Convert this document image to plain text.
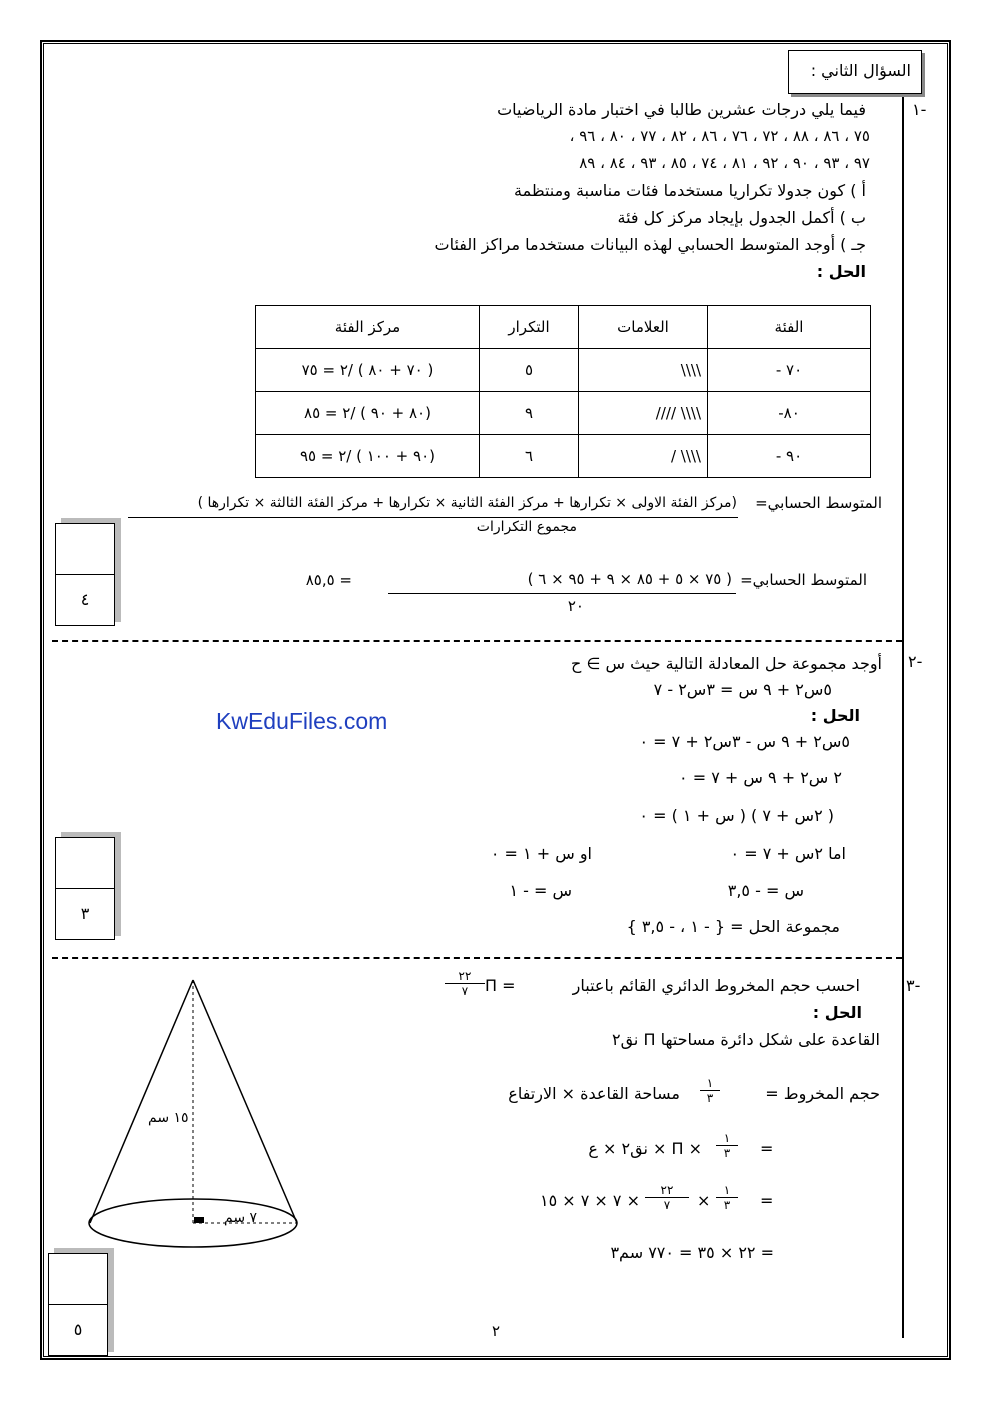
السؤال الثاني :
١-
فيما يلي درجات عشرين طالبا في اختبار مادة الرياضيات
٧٥ ، ٨٦ ، ٨٨ ، ٧٢ ، ٧٦ ، ٨٦ ، ٨٢ ، ٧٧ ، ٨٠ ، ٩٦ ،
٩٧ ، ٩٣ ، ٩٠ ، ٩٢ ، ٨١ ، ٧٤ ، ٨٥ ، ٩٣ ، ٨٤ ، ٨٩
أ ) كون جدولا تكراريا مستخدما فئات مناسبة ومنتظمة
ب ) أكمل الجدول بإيجاد مركز كل فئة
جـ ) أوجد المتوسط الحسابي لهذه البيانات مستخدما مراكز الفئات
الحل :
الفئة	العلامات	التكرار	مركز الفئة
٧٠ -	\\\\	٥	( ٧٠ + ٨٠ ) /٢ = ٧٥
٨٠-	\\\\ ////	٩	(٨٠ + ٩٠ ) /٢ = ٨٥
٩٠ -	\\\\ /	٦	(٩٠ + ١٠٠ ) /٢ = ٩٥
المتوسط الحسابي=
(مركز الفئة الاولى × تكرارها + مركز الفئة الثانية × تكرارها + مركز الفئة الثالثة × تكرارها )
مجموع التكرارات
المتوسط الحسابي=
( ٧٥ × ٥ + ٨٥ × ٩ + ٩٥ × ٦ )
٢٠
= ٨٥,٥
٤
٢-
أوجد مجموعة حل المعادلة التالية حيث س ∋ ح
٥س٢ + ٩ س = ٣س٢ - ٧
KwEduFiles.com	الحل :
٥س٢ + ٩ س - ٣س٢ + ٧ = ٠
٢ س٢ + ٩ س + ٧ = ٠
( ٢س + ٧ ) ( س + ١ ) = ٠
اما ٢س + ٧ = ٠
او س + ١ = ٠
س = - ٣,٥
س = - ١
مجموعة الحل = { - ١ ، - ٣,٥ }
٣
٣-
احسب حجم المخروط الدائري القائم باعتبار
Π =
$\frac{٢٢}{٧}$
الحل :
القاعدة على شكل دائرة مساحتها Π نق٢
حجم المخروط =
$\frac{١}{٣}$
مساحة القاعدة × الارتفاع
=
$\frac{١}{٣}$
× Π × نق٢ × ع
=
$\frac{١}{٣}$
×
$\frac{٢٢}{٧}$
× ٧ × ٧ × ١٥
= ٢٢ × ٣٥ = ٧٧٠ سم٣
١٥ سم
٧ سم
٥	٢
